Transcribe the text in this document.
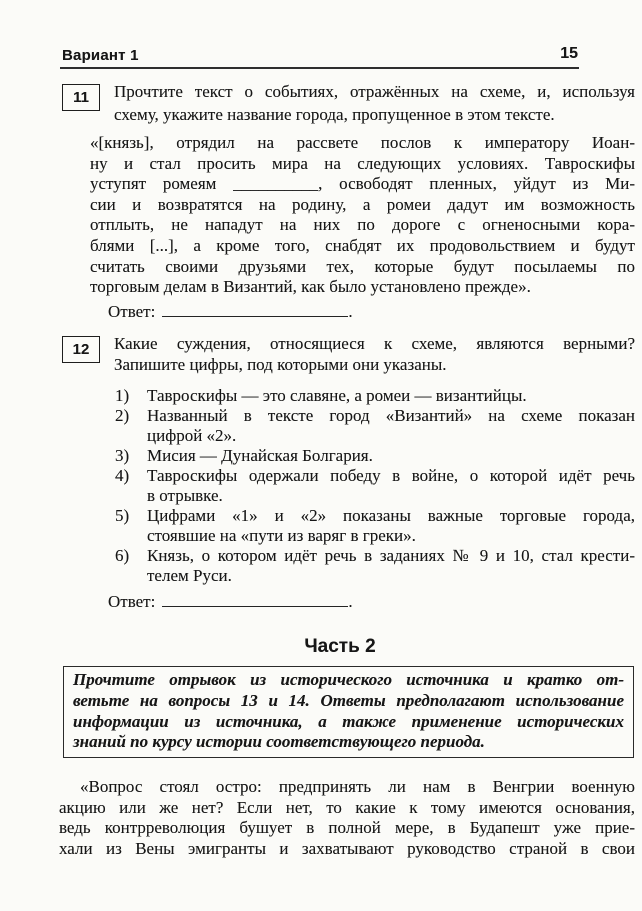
Вариант 1	15
11 Прочтите текст о событиях, отражённых на схеме, и, используя
схему, укажите название города, пропущенное в этом тексте.
«[князь], отрядил на рассвете послов к императору Иоан-
ну и стал просить мира на следующих условиях. Тавроскифы
уступят ромеям __________, освободят пленных, уйдут из Ми-
сии и возвратятся на родину, а ромеи дадут им возможность
отплыть, не нападут на них по дороге с огненосными кора-
блями [...], а кроме того, снабдят их продовольствием и будут
считать своими друзьями тех, которые будут посылаемы по
торговым делам в Византий, как было установлено прежде».
Ответ:	.
12 Какие суждения, относящиеся к схеме, являются верными?
Запишите цифры, под которыми они указаны.
1)	Тавроскифы — это славяне, а ромеи — византийцы.
2)	Названный в тексте город «Византий» на схеме показан
цифрой «2».
3)	Мисия — Дунайская Болгария.
4)	Тавроскифы одержали победу в войне, о которой идёт речь
в отрывке.
5)	Цифрами «1» и «2» показаны важные торговые города,
стоявшие на «пути из варяг в греки».
6)	Князь, о котором идёт речь в заданиях № 9 и 10, стал крести-
телем Руси.
Ответ:	.
Часть 2
Прочтите отрывок из исторического источника и кратко от-
ветьте на вопросы 13 и 14. Ответы предполагают использование
информации из источника, а также применение исторических
знаний по курсу истории соответствующего периода.
«Вопрос стоял остро: предпринять ли нам в Венгрии военную
акцию или же нет? Если нет, то какие к тому имеются основания,
ведь контрреволюция бушует в полной мере, в Будапешт уже прие-
хали из Вены эмигранты и захватывают руководство страной в свои
